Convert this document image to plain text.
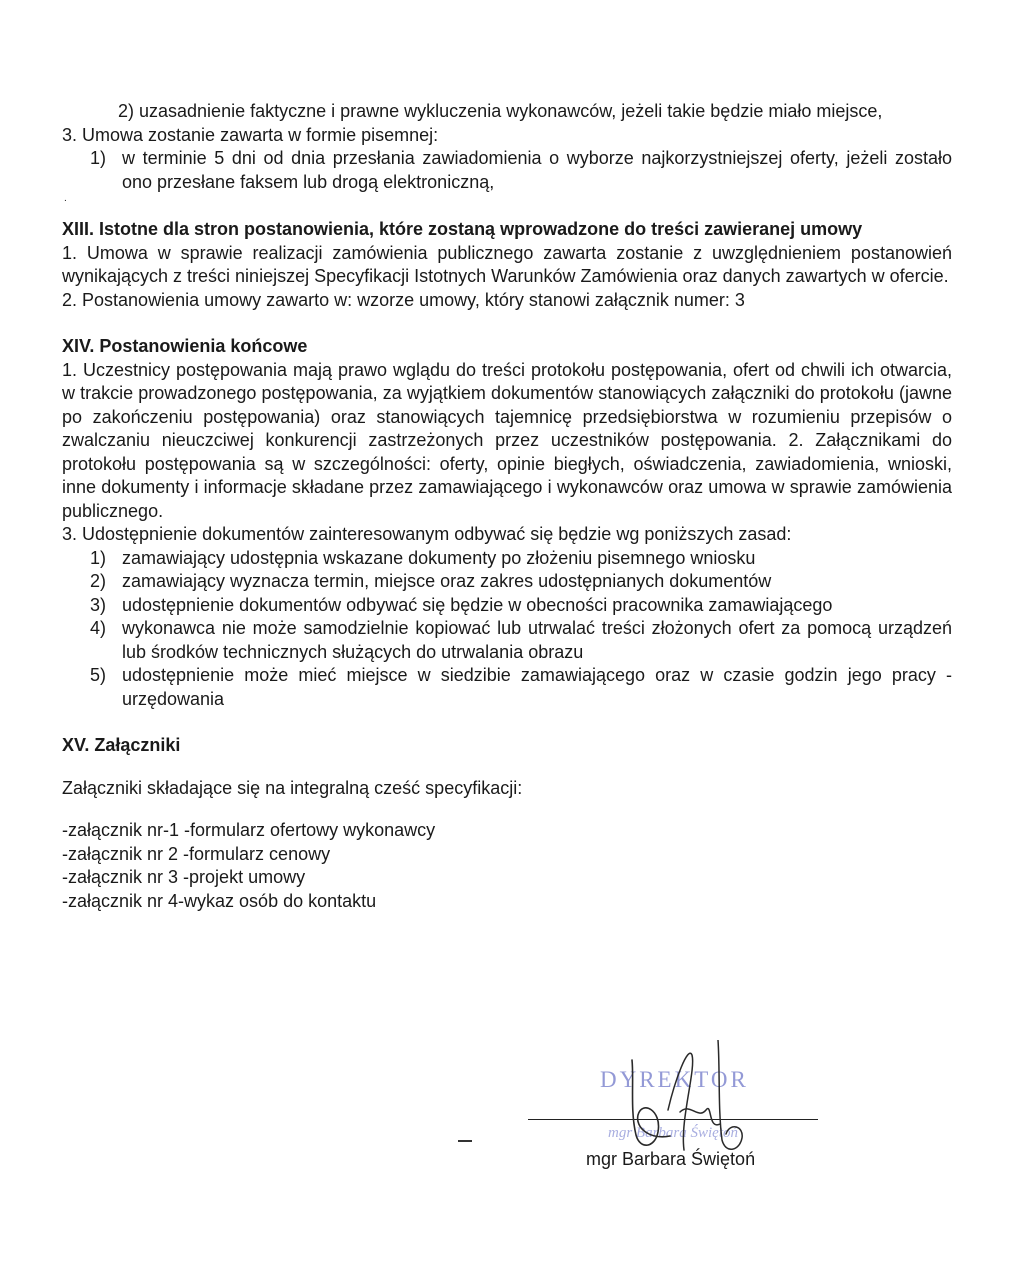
2) uzasadnienie faktyczne i prawne wykluczenia wykonawców, jeżeli takie będzie miało miejsce,

3. Umowa zostanie zawarta w formie pisemnej:

1) w terminie 5 dni od dnia przesłania zawiadomienia o wyborze najkorzystniejszej oferty, jeżeli zostało ono przesłane faksem lub drogą elektroniczną,
.
XIII. Istotne dla stron postanowienia, które zostaną wprowadzone do treści zawieranej umowy

1. Umowa w sprawie realizacji zamówienia publicznego zawarta zostanie z uwzględnieniem postanowień wynikających z treści niniejszej Specyfikacji Istotnych Warunków Zamówienia oraz danych zawartych w ofercie.

2. Postanowienia umowy zawarto w: wzorze umowy, który stanowi załącznik numer: 3

XIV. Postanowienia końcowe

1. Uczestnicy postępowania mają prawo wglądu do treści protokołu postępowania, ofert od chwili ich otwarcia, w trakcie prowadzonego postępowania, za wyjątkiem dokumentów stanowiących załączniki do protokołu (jawne po zakończeniu postępowania) oraz stanowiących tajemnicę przedsiębiorstwa w rozumieniu przepisów o zwalczaniu nieuczciwej konkurencji zastrzeżonych przez uczestników postępowania. 2. Załącznikami do protokołu postępowania są w szczególności: oferty, opinie biegłych, oświadczenia, zawiadomienia, wnioski, inne dokumenty i informacje składane przez zamawiającego i wykonawców oraz umowa w sprawie zamówienia publicznego.

3. Udostępnienie dokumentów zainteresowanym odbywać się będzie wg poniższych zasad:

1) zamawiający udostępnia wskazane dokumenty po złożeniu pisemnego wniosku
2) zamawiający wyznacza termin, miejsce oraz zakres udostępnianych dokumentów
3) udostępnienie dokumentów odbywać się będzie w obecności pracownika zamawiającego
4) wykonawca nie może samodzielnie kopiować lub utrwalać treści złożonych ofert za pomocą urządzeń lub środków technicznych służących do utrwalania obrazu
5) udostępnienie może mieć miejsce w siedzibie zamawiającego oraz w czasie godzin jego pracy - urzędowania
XV. Załączniki

Załączniki składające się na integralną cześć specyfikacji:

-załącznik nr-1 -formularz ofertowy wykonawcy

-załącznik nr 2 -formularz cenowy

-załącznik nr 3 -projekt umowy

-załącznik nr 4-wykaz osób do kontaktu

DYREKTOR
mgr Barbara Świętoń
mgr Barbara Świętoń
